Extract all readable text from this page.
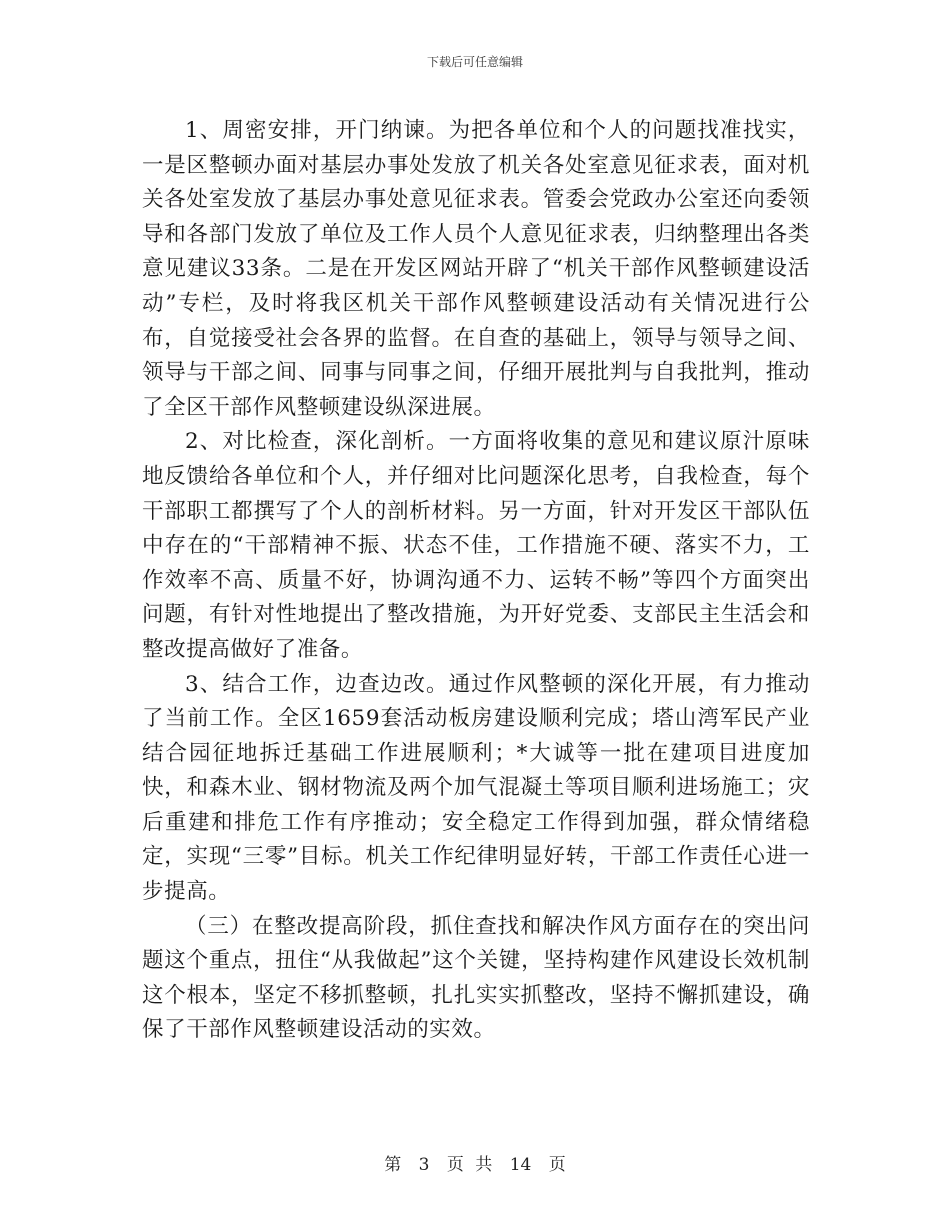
下载后可任意编辑

1、周密安排，开门纳谏。为把各单位和个人的问题找准找实，一是区整顿办面对基层办事处发放了机关各处室意见征求表，面对机关各处室发放了基层办事处意见征求表。管委会党政办公室还向委领导和各部门发放了单位及工作人员个人意见征求表，归纳整理出各类意见建议33条。二是在开发区网站开辟了“机关干部作风整顿建设活动”专栏，及时将我区机关干部作风整顿建设活动有关情况进行公布，自觉接受社会各界的监督。在自查的基础上，领导与领导之间、领导与干部之间、同事与同事之间，仔细开展批判与自我批判，推动了全区干部作风整顿建设纵深进展。

2、对比检查，深化剖析。一方面将收集的意见和建议原汁原味地反馈给各单位和个人，并仔细对比问题深化思考，自我检查，每个干部职工都撰写了个人的剖析材料。另一方面，针对开发区干部队伍中存在的“干部精神不振、状态不佳，工作措施不硬、落实不力，工作效率不高、质量不好，协调沟通不力、运转不畅”等四个方面突出问题，有针对性地提出了整改措施，为开好党委、支部民主生活会和整改提高做好了准备。

3、结合工作，边查边改。通过作风整顿的深化开展，有力推动了当前工作。全区1659套活动板房建设顺利完成；塔山湾军民产业结合园征地拆迁基础工作进展顺利；*大诚等一批在建项目进度加快，和森木业、钢材物流及两个加气混凝土等项目顺利进场施工；灾后重建和排危工作有序推动；安全稳定工作得到加强，群众情绪稳定，实现“三零”目标。机关工作纪律明显好转，干部工作责任心进一步提高。

（三）在整改提高阶段，抓住查找和解决作风方面存在的突出问题这个重点，扭住“从我做起”这个关键，坚持构建作风建设长效机制这个根本，坚定不移抓整顿，扎扎实实抓整改，坚持不懈抓建设，确保了干部作风整顿建设活动的实效。

第 3 页 共 14 页
